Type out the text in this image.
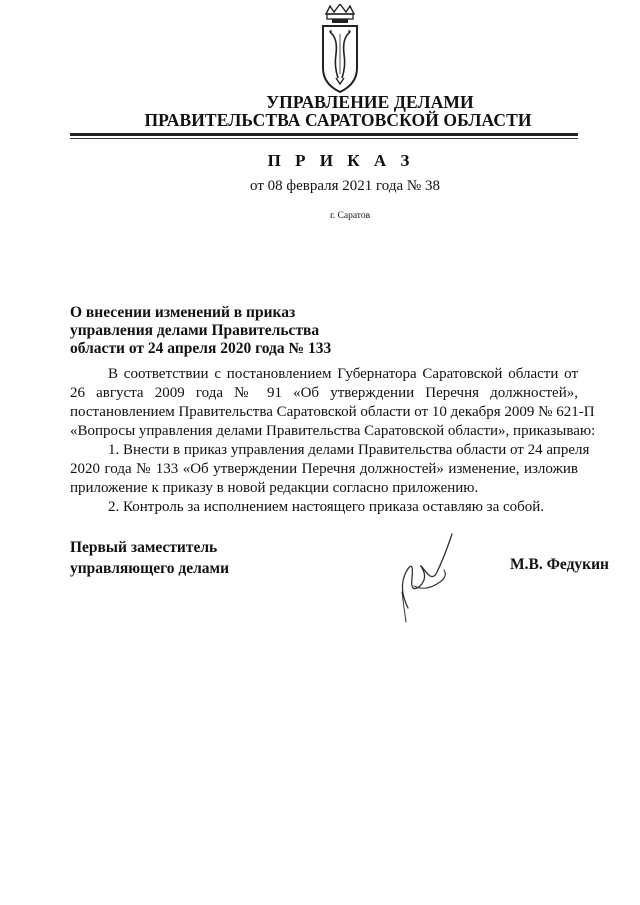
УПРАВЛЕНИЕ ДЕЛАМИ
ПРАВИТЕЛЬСТВА САРАТОВСКОЙ ОБЛАСТИ
П Р И К А З
от 08 февраля 2021 года № 38
г. Саратов
О внесении изменений в приказ
управления делами Правительства
области от 24 апреля 2020 года № 133
В соответствии с постановлением Губернатора Саратовской области от
26 августа 2009 года № 91 «Об утверждении Перечня должностей»,
постановлением Правительства Саратовской области от 10 декабря 2009 № 621-П
«Вопросы управления делами Правительства Саратовской области», приказываю:
1. Внести в приказ управления делами Правительства области от 24 апреля
2020 года № 133 «Об утверждении Перечня должностей» изменение, изложив
приложение к приказу в новой редакции согласно приложению.
2. Контроль за исполнением настоящего приказа оставляю за собой.
Первый заместитель
управляющего делами	М.В. Федукин
